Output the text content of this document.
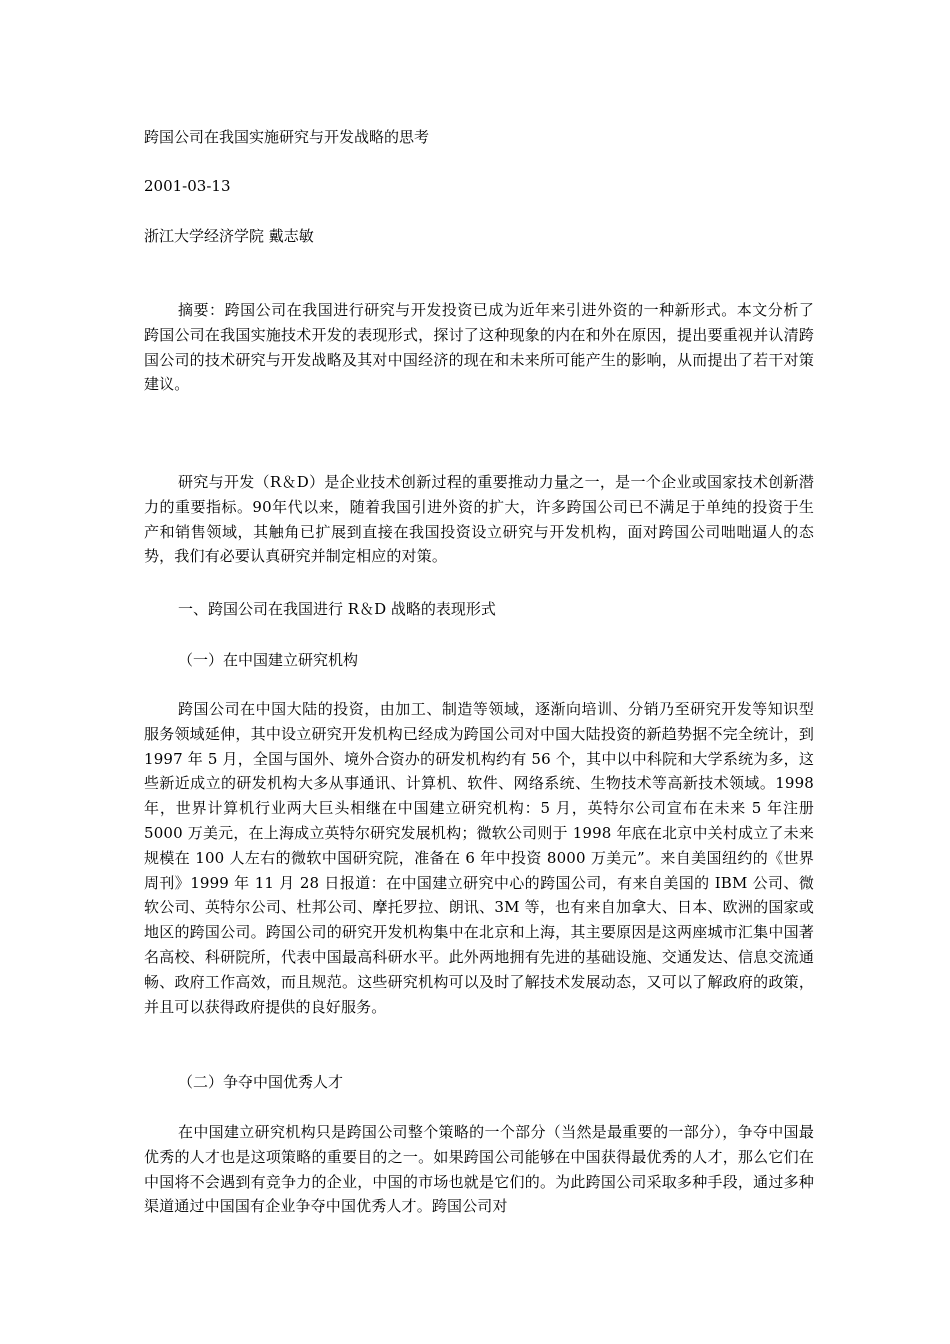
跨国公司在我国实施研究与开发战略的思考
2001-03-13
浙江大学经济学院 戴志敏
摘要：跨国公司在我国进行研究与开发投资已成为近年来引进外资的一种新形式。本文分析了跨国公司在我国实施技术开发的表现形式，探讨了这种现象的内在和外在原因，提出要重视并认清跨国公司的技术研究与开发战略及其对中国经济的现在和未来所可能产生的影响，从而提出了若干对策建议。
研究与开发（R＆D）是企业技术创新过程的重要推动力量之一，是一个企业或国家技术创新潜力的重要指标。90年代以来，随着我国引进外资的扩大，许多跨国公司已不满足于单纯的投资于生产和销售领域，其触角已扩展到直接在我国投资设立研究与开发机构，面对跨国公司咄咄逼人的态势，我们有必要认真研究并制定相应的对策。
一、跨国公司在我国进行 R＆D 战略的表现形式
（一）在中国建立研究机构
跨国公司在中国大陆的投资，由加工、制造等领域，逐渐向培训、分销乃至研究开发等知识型服务领域延伸，其中设立研究开发机构已经成为跨国公司对中国大陆投资的新趋势据不完全统计，到 1997 年 5 月，全国与国外、境外合资办的研发机构约有 56 个，其中以中科院和大学系统为多，这些新近成立的研发机构大多从事通讯、计算机、软件、网络系统、生物技术等高新技术领域。1998 年，世界计算机行业两大巨头相继在中国建立研究机构：5 月，英特尔公司宣布在未来 5 年注册 5000 万美元，在上海成立英特尔研究发展机构；微软公司则于 1998 年底在北京中关村成立了未来规模在 100 人左右的微软中国研究院，准备在 6 年中投资 8000 万美元”。来自美国纽约的《世界周刊》1999 年 11 月 28 日报道：在中国建立研究中心的跨国公司，有来自美国的 IBM 公司、微软公司、英特尔公司、杜邦公司、摩托罗拉、朗讯、3M 等，也有来自加拿大、日本、欧洲的国家或地区的跨国公司。跨国公司的研究开发机构集中在北京和上海，其主要原因是这两座城市汇集中国著名高校、科研院所，代表中国最高科研水平。此外两地拥有先进的基础设施、交通发达、信息交流通畅、政府工作高效，而且规范。这些研究机构可以及时了解技术发展动态，又可以了解政府的政策，并且可以获得政府提供的良好服务。
（二）争夺中国优秀人才
在中国建立研究机构只是跨国公司整个策略的一个部分（当然是最重要的一部分），争夺中国最优秀的人才也是这项策略的重要目的之一。如果跨国公司能够在中国获得最优秀的人才，那么它们在中国将不会遇到有竞争力的企业，中国的市场也就是它们的。为此跨国公司采取多种手段，通过多种渠道通过中国国有企业争夺中国优秀人才。跨国公司对
